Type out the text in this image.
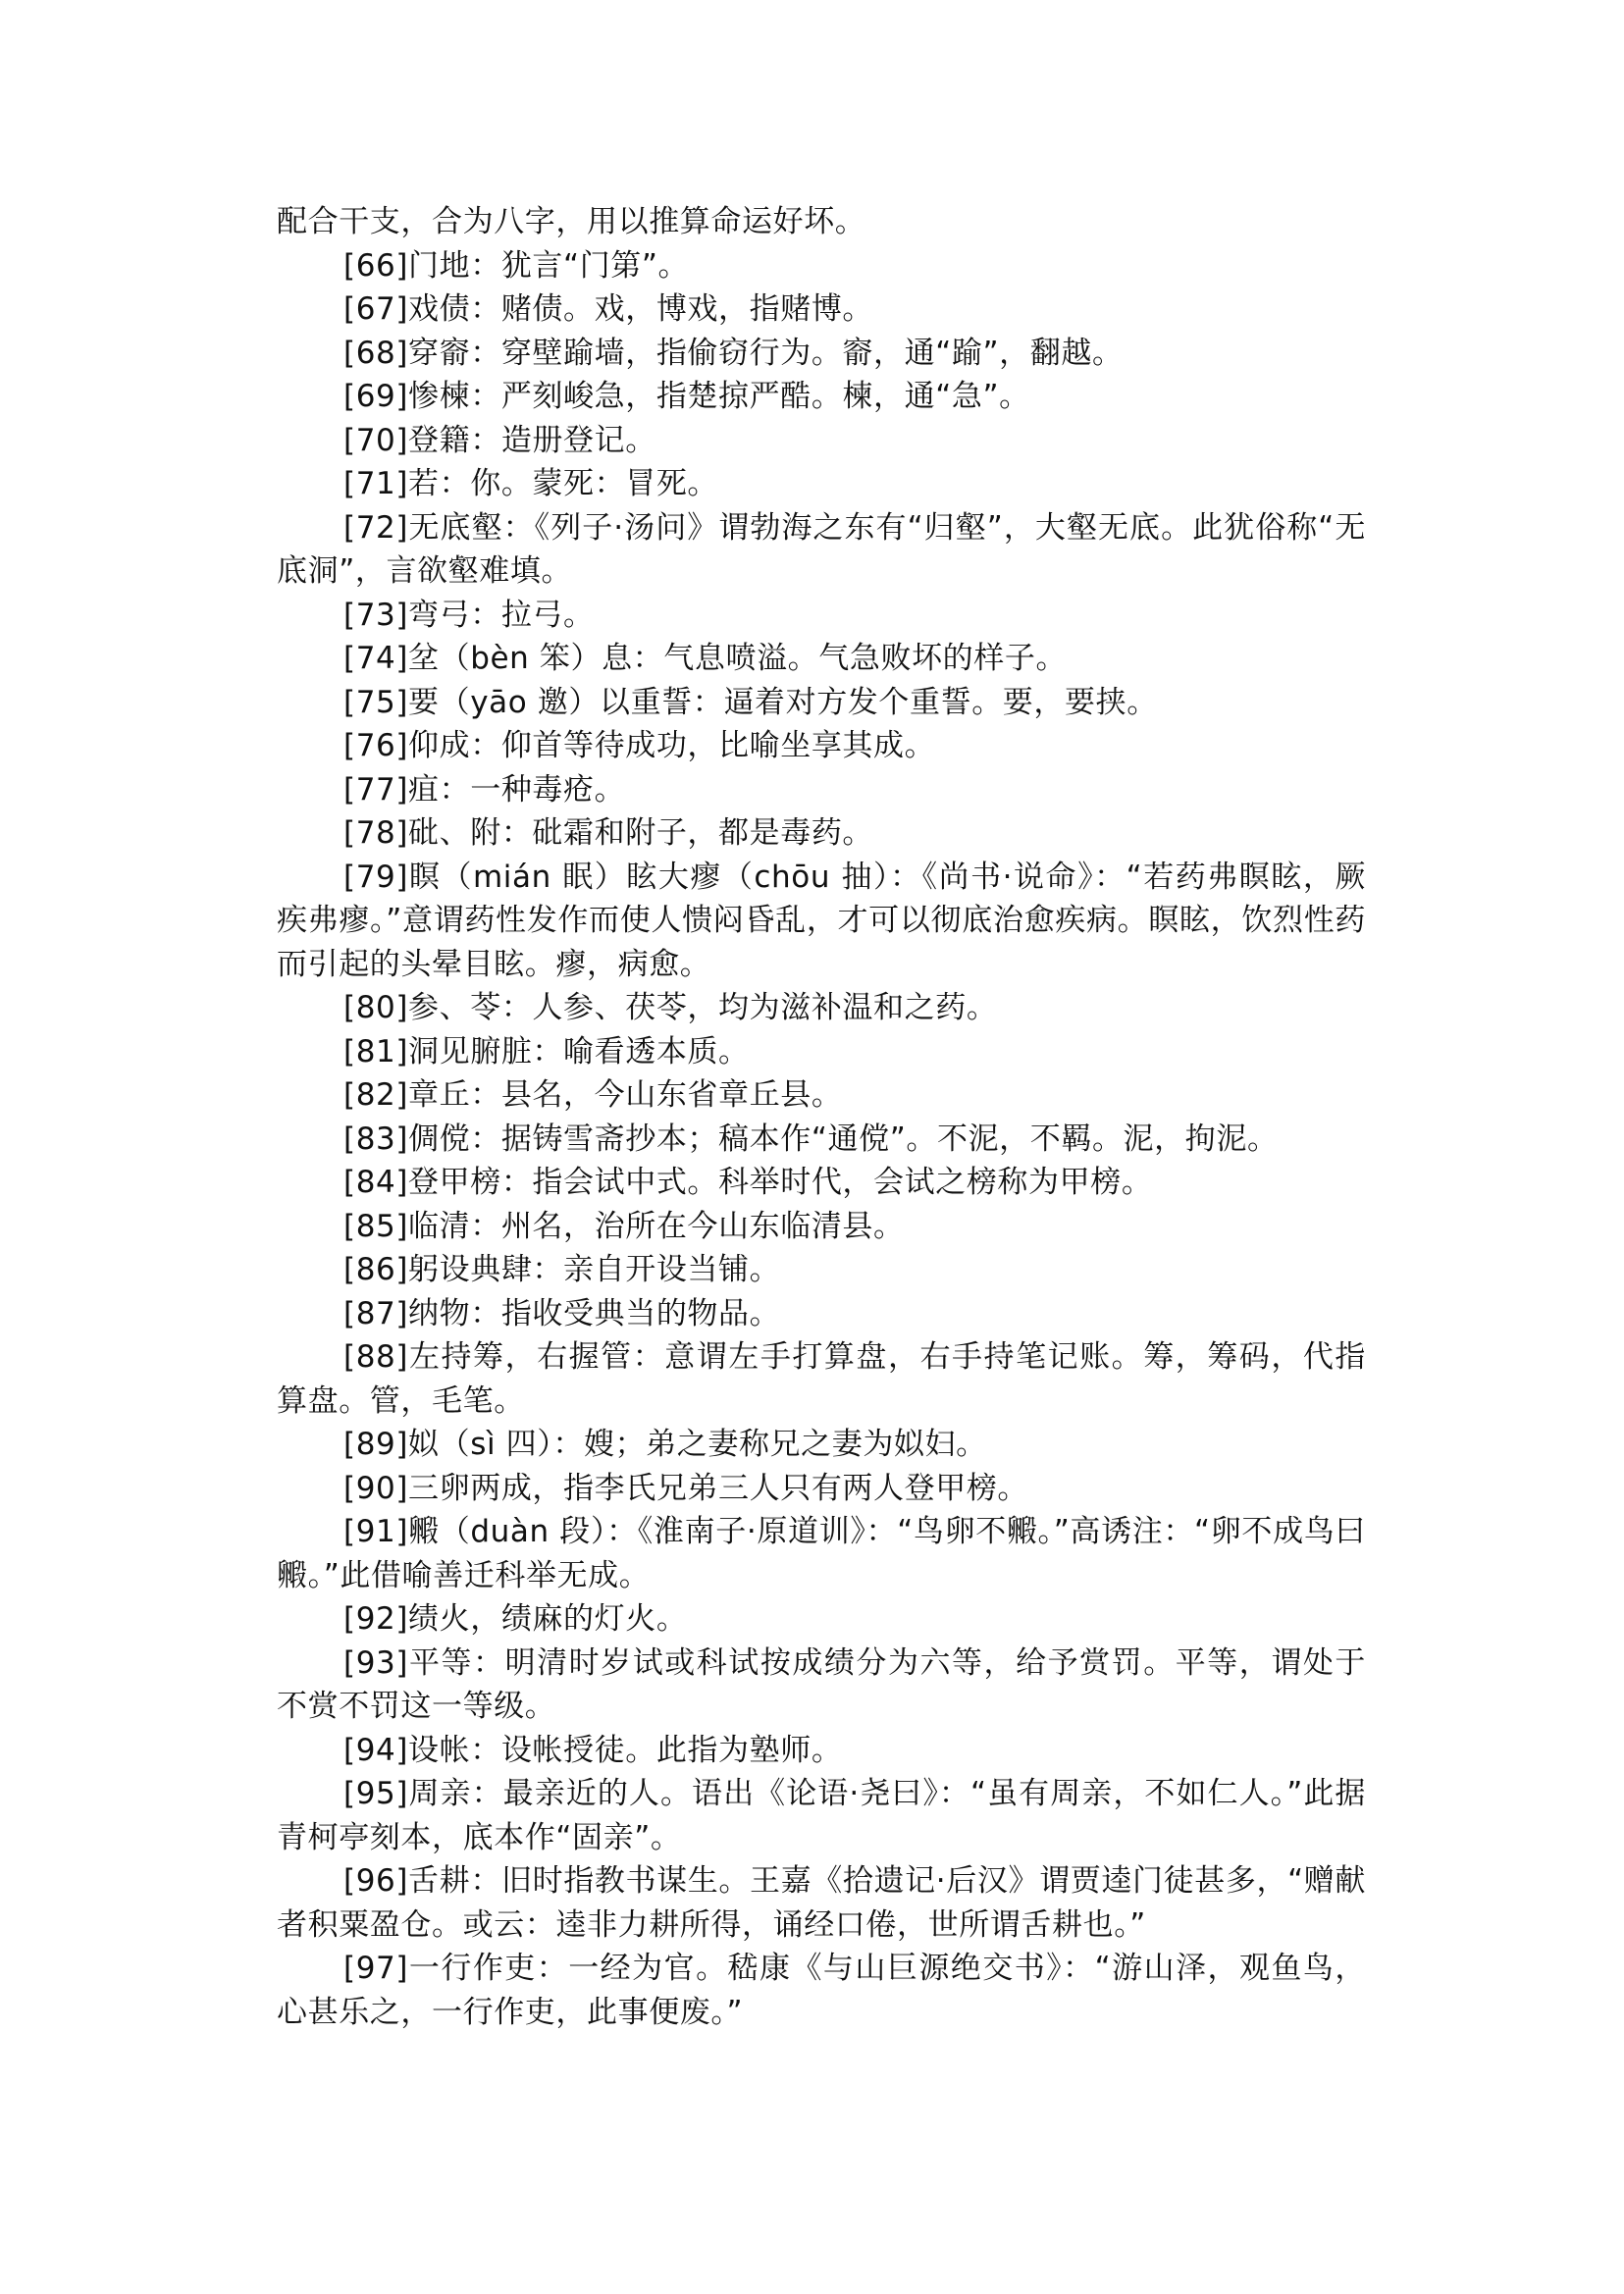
配合干支，合为八字，用以推算命运好坏。

[66]门地：犹言“门第”。

[67]戏债：赌债。戏，博戏，指赌博。

[68]穿窬：穿壁踰墙，指偷窃行为。窬，通“踰”，翻越。

[69]惨楝：严刻峻急，指楚掠严酷。楝，通“急”。

[70]登籍：造册登记。

[71]若：你。蒙死：冒死。

[72]无底壑：《列子·汤问》谓勃海之东有“归壑”，大壑无底。此犹俗称“无底洞”，言欲壑难填。

[73]弯弓：拉弓。

[74]坌（bèn 笨）息：气息喷溢。气急败坏的样子。

[75]要（yāo 邀）以重誓：逼着对方发个重誓。要，要挟。

[76]仰成：仰首等待成功，比喻坐享其成。

[77]疽：一种毒疮。

[78]砒、附：砒霜和附子，都是毒药。

[79]瞑（mián 眠）眩大瘳（chōu 抽）：《尚书·说命》：“若药弗瞑眩，厥疾弗瘳。”意谓药性发作而使人愦闷昏乱，才可以彻底治愈疾病。瞑眩，饮烈性药而引起的头晕目眩。瘳，病愈。

[80]参、苓：人参、茯苓，均为滋补温和之药。

[81]洞见腑脏：喻看透本质。

[82]章丘：县名，今山东省章丘县。

[83]倜傥：据铸雪斋抄本；稿本作“通傥”。不泥，不羁。泥，拘泥。

[84]登甲榜：指会试中式。科举时代，会试之榜称为甲榜。

[85]临清：州名，治所在今山东临清县。

[86]躬设典肆：亲自开设当铺。

[87]纳物：指收受典当的物品。

[88]左持筹，右握管：意谓左手打算盘，右手持笔记账。筹，筹码，代指算盘。管，毛笔。

[89]姒（sì 四）：嫂；弟之妻称兄之妻为姒妇。

[90]三卵两成，指李氏兄弟三人只有两人登甲榜。

[91]毈（duàn 段）：《淮南子·原道训》：“鸟卵不毈。”高诱注：“卵不成鸟曰毈。”此借喻善迁科举无成。

[92]绩火，绩麻的灯火。

[93]平等：明清时岁试或科试按成绩分为六等，给予赏罚。平等，谓处于不赏不罚这一等级。

[94]设帐：设帐授徒。此指为塾师。

[95]周亲：最亲近的人。语出《论语·尧曰》：“虽有周亲，不如仁人。”此据青柯亭刻本，底本作“固亲”。

[96]舌耕：旧时指教书谋生。王嘉《拾遗记·后汉》谓贾逵门徒甚多，“赠献者积粟盈仓。或云：逵非力耕所得，诵经口倦，世所谓舌耕也。”

[97]一行作吏：一经为官。嵇康《与山巨源绝交书》：“游山泽，观鱼鸟，心甚乐之，一行作吏，此事便废。”
